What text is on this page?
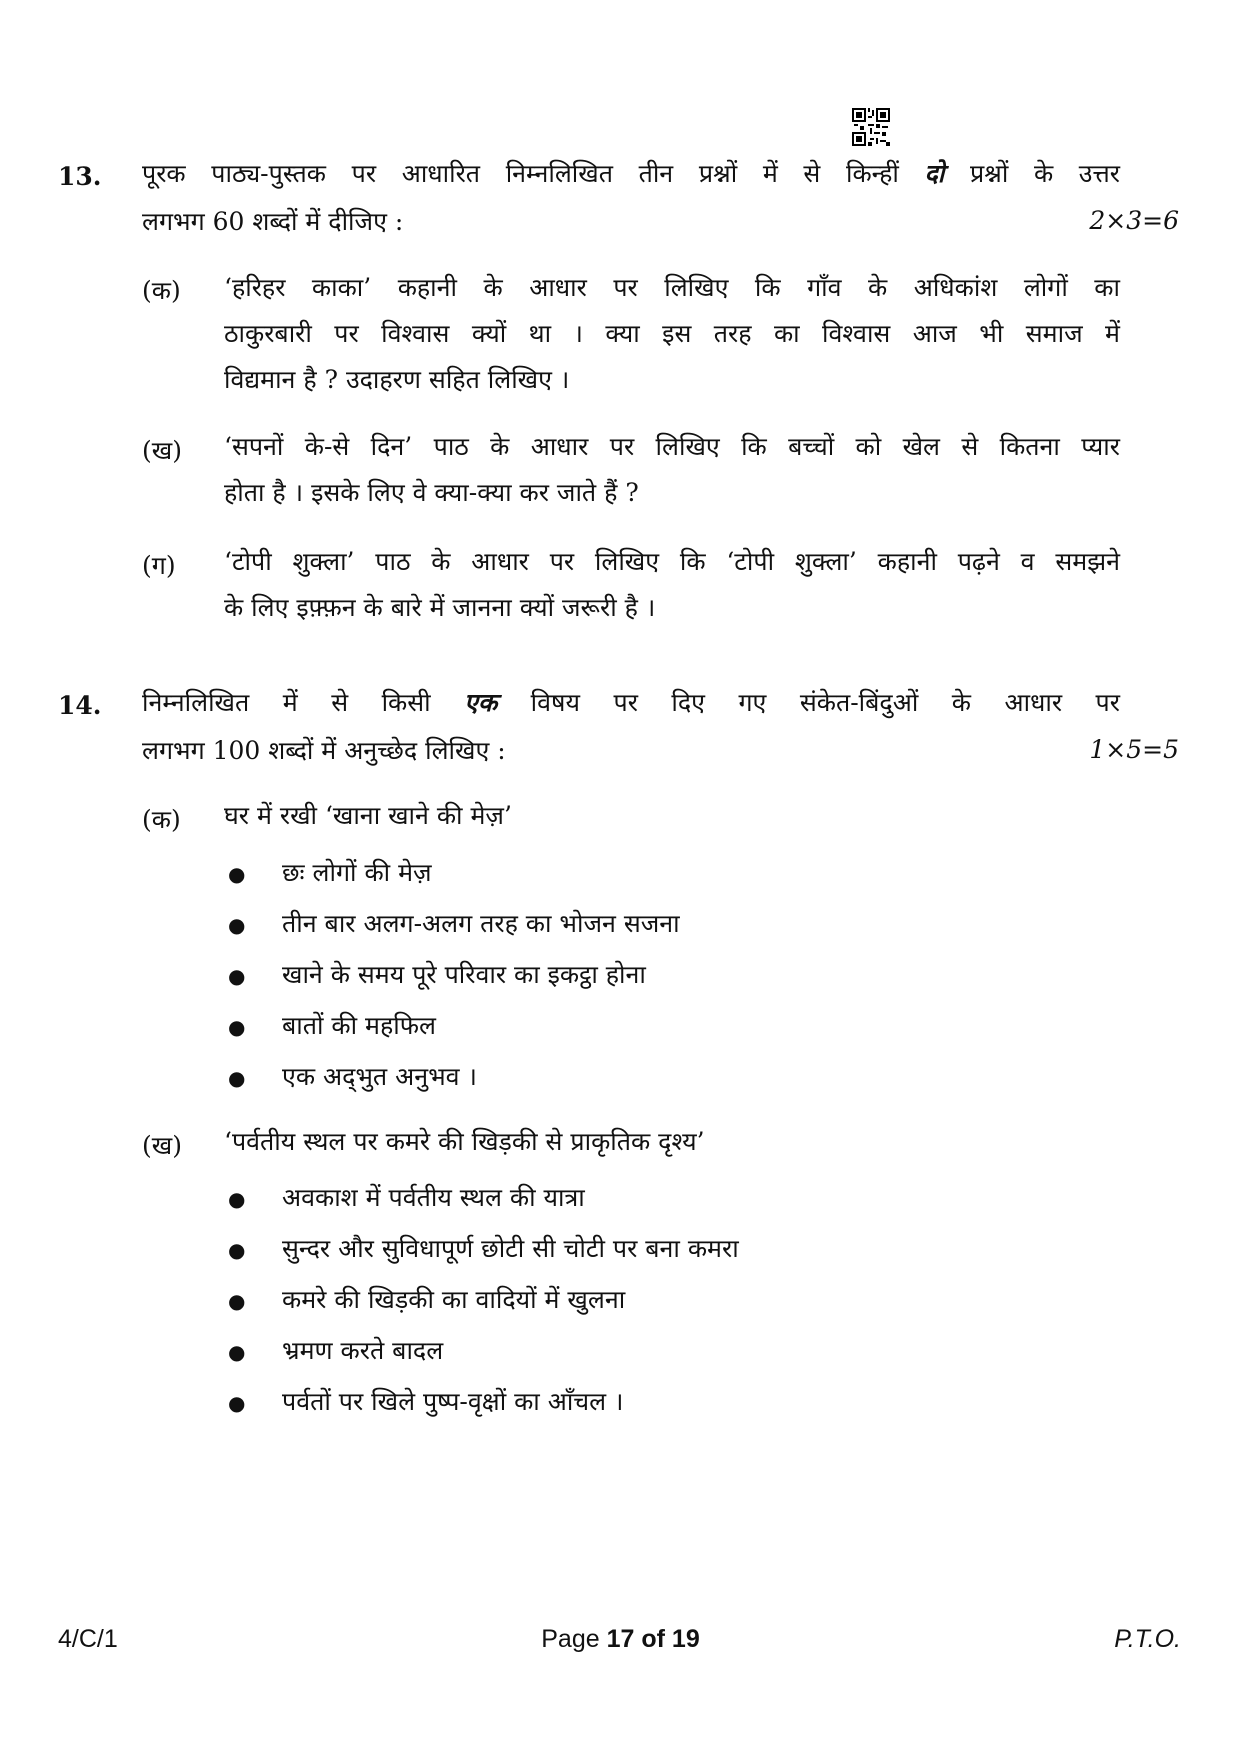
13. पूरक पाठ्य-पुस्तक पर आधारित निम्नलिखित तीन प्रश्नों में से किन्हीं दो प्रश्नों के उत्तर
लगभग 60 शब्दों में दीजिए :	2×3=6
(क) ‘हरिहर काका’ कहानी के आधार पर लिखिए कि गाँव के अधिकांश लोगों का
ठाकुरबारी पर विश्वास क्यों था । क्या इस तरह का विश्वास आज भी समाज में
विद्यमान है ? उदाहरण सहित लिखिए ।
(ख) ‘सपनों के-से दिन’ पाठ के आधार पर लिखिए कि बच्चों को खेल से कितना प्यार
होता है । इसके लिए वे क्या-क्या कर जाते हैं ?
(ग) ‘टोपी शुक्ला’ पाठ के आधार पर लिखिए कि ‘टोपी शुक्ला’ कहानी पढ़ने व समझने
के लिए इफ़्फ़न के बारे में जानना क्यों जरूरी है ।
14. निम्नलिखित में से किसी एक विषय पर दिए गए संकेत-बिंदुओं के आधार पर
लगभग 100 शब्दों में अनुच्छेद लिखिए :	1×5=5
(क) घर में रखी ‘खाना खाने की मेज़’
● छः लोगों की मेज़
● तीन बार अलग-अलग तरह का भोजन सजना
● खाने के समय पूरे परिवार का इकट्ठा होना
● बातों की महफिल
● एक अद्‌भुत अनुभव ।
(ख) ‘पर्वतीय स्थल पर कमरे की खिड़की से प्राकृतिक दृश्य’
● अवकाश में पर्वतीय स्थल की यात्रा
● सुन्दर और सुविधापूर्ण छोटी सी चोटी पर बना कमरा
● कमरे की खिड़की का वादियों में खुलना
● भ्रमण करते बादल
● पर्वतों पर खिले पुष्प-वृक्षों का आँचल ।
4/C/1	Page 17 of 19	P.T.O.
